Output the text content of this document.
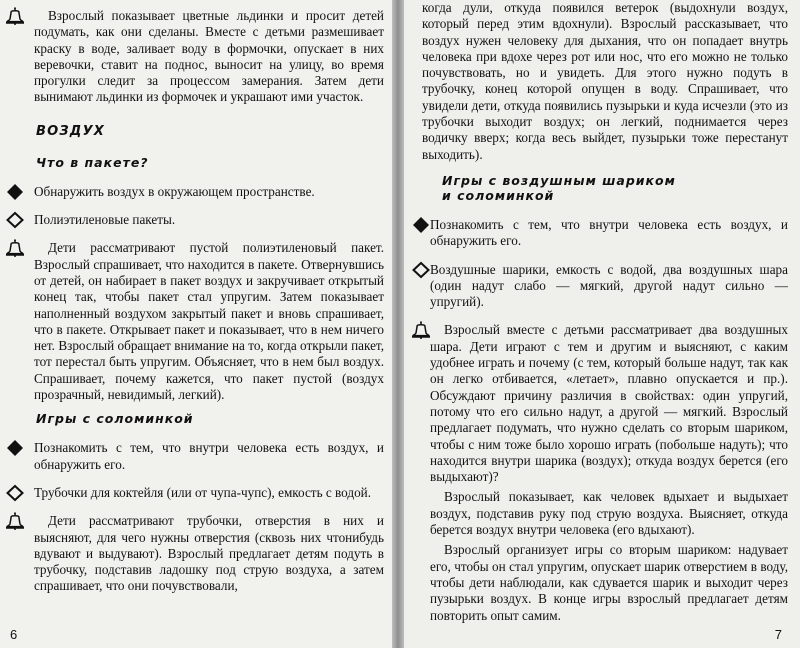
Взрослый показывает цветные льдинки и просит детей подумать, как они сделаны. Вместе с детьми размешивает краску в воде, заливает воду в формочки, опускает в них веревочки, ставит на поднос, выносит на улицу, во время прогулки следит за процессом замерания. Затем дети вынимают льдинки из формочек и украшают ими участок.

ВОЗДУХ
Что в пакете?

Обнаружить воздух в окружающем пространстве.

Полиэтиленовые пакеты.

Дети рассматривают пустой полиэтиленовый пакет. Взрослый спрашивает, что находится в пакете. Отвернувшись от детей, он набирает в пакет воздух и закручивает открытый конец так, чтобы пакет стал упругим. Затем показывает наполненный воздухом закрытый пакет и вновь спрашивает, что в пакете. Открывает пакет и показывает, что в нем ничего нет. Взрослый обращает внимание на то, когда открыли пакет, тот перестал быть упругим. Объясняет, что в нем был воздух. Спрашивает, почему кажется, что пакет пустой (воздух прозрачный, невидимый, легкий).

Игры с соломинкой

Познакомить с тем, что внутри человека есть воздух, и обнаружить его.

Трубочки для коктейля (или от чупа-чупс), емкость с водой.

Дети рассматривают трубочки, отверстия в них и выясняют, для чего нужны отверстия (сквозь них чтонибудь вдувают и выдувают). Взрослый предлагает детям подуть в трубочку, подставив ладошку под струю воздуха, а затем спрашивает, что они почувствовали,

6

когда дули, откуда появился ветерок (выдохнули воздух, который перед этим вдохнули). Взрослый рассказывает, что воздух нужен человеку для дыхания, что он попадает внутрь человека при вдохе через рот или нос, что его можно не только почувствовать, но и увидеть. Для этого нужно подуть в трубочку, конец которой опущен в воду. Спрашивает, что увидели дети, откуда появились пузырьки и куда исчезли (это из трубочки выходит воздух; он легкий, поднимается через водичку вверх; когда весь выйдет, пузырьки тоже перестанут выходить).

Игры с воздушным шариком
и соломинкой

Познакомить с тем, что внутри человека есть воздух, и обнаружить его.

Воздушные шарики, емкость с водой, два воздушных шара (один надут слабо — мягкий, другой надут сильно — упругий).

Взрослый вместе с детьми рассматривает два воздушных шара. Дети играют с тем и другим и выясняют, с каким удобнее играть и почему (с тем, который больше надут, так как он легко отбивается, «летает», плавно опускается и пр.). Обсуждают причину различия в свойствах: один упругий, потому что его сильно надут, а другой — мягкий. Взрослый предлагает подумать, что нужно сделать со вторым шариком, чтобы с ним тоже было хорошо играть (побольше надуть); что находится внутри шарика (воздух); откуда воздух берется (его выдыхают)?

Взрослый показывает, как человек вдыхает и выдыхает воздух, подставив руку под струю воздуха. Выясняет, откуда берется воздух внутри человека (его вдыхают).

Взрослый организует игры со вторым шариком: надувает его, чтобы он стал упругим, опускает шарик отверстием в воду, чтобы дети наблюдали, как сдувается шарик и выходит через пузырьки воздух. В конце игры взрослый предлагает детям повторить опыт самим.

7
